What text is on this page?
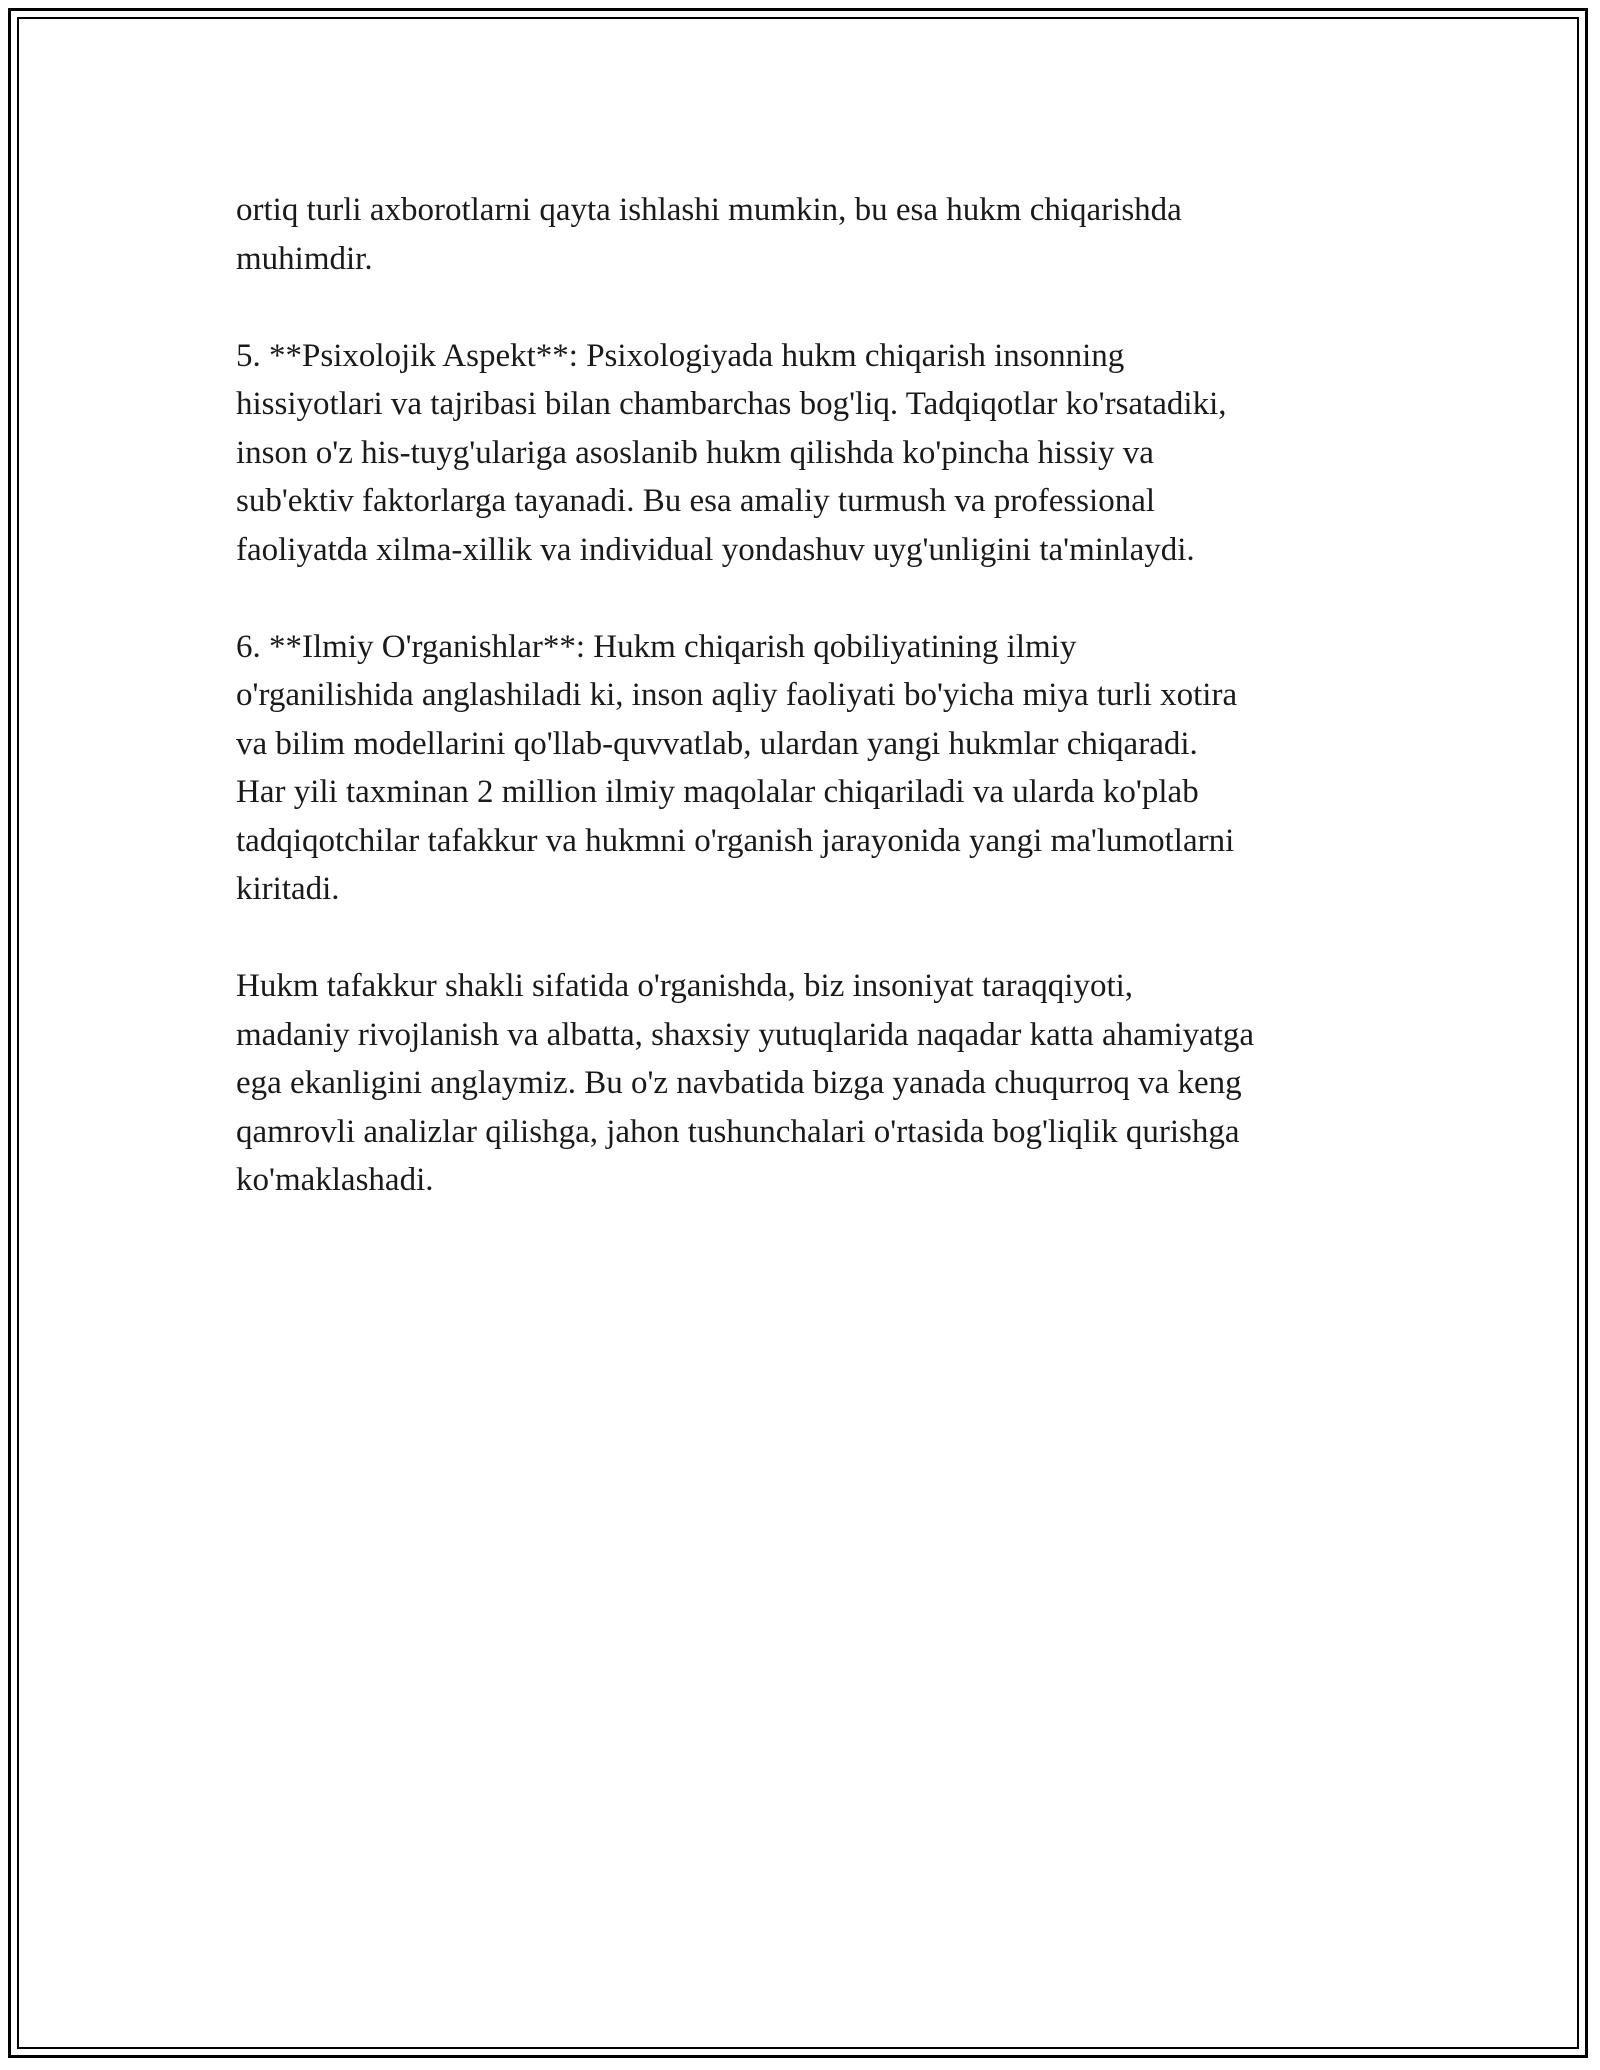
ortiq turli axborotlarni qayta ishlashi mumkin, bu esa hukm chiqarishda
muhimdir.

5. **Psixolojik Aspekt**: Psixologiyada hukm chiqarish insonning
hissiyotlari va tajribasi bilan chambarchas bog'liq. Tadqiqotlar ko'rsatadiki,
inson o'z his-tuyg'ulariga asoslanib hukm qilishda ko'pincha hissiy va
sub'ektiv faktorlarga tayanadi. Bu esa amaliy turmush va professional
faoliyatda xilma-xillik va individual yondashuv uyg'unligini ta'minlaydi.

6. **Ilmiy O'rganishlar**: Hukm chiqarish qobiliyatining ilmiy
o'rganilishida anglashiladi ki, inson aqliy faoliyati bo'yicha miya turli xotira
va bilim modellarini qo'llab-quvvatlab, ulardan yangi hukmlar chiqaradi.
Har yili taxminan 2 million ilmiy maqolalar chiqariladi va ularda ko'plab
tadqiqotchilar tafakkur va hukmni o'rganish jarayonida yangi ma'lumotlarni
kiritadi.

Hukm tafakkur shakli sifatida o'rganishda, biz insoniyat taraqqiyoti,
madaniy rivojlanish va albatta, shaxsiy yutuqlarida naqadar katta ahamiyatga
ega ekanligini anglaymiz. Bu o'z navbatida bizga yanada chuqurroq va keng
qamrovli analizlar qilishga, jahon tushunchalari o'rtasida bog'liqlik qurishga
ko'maklashadi.
